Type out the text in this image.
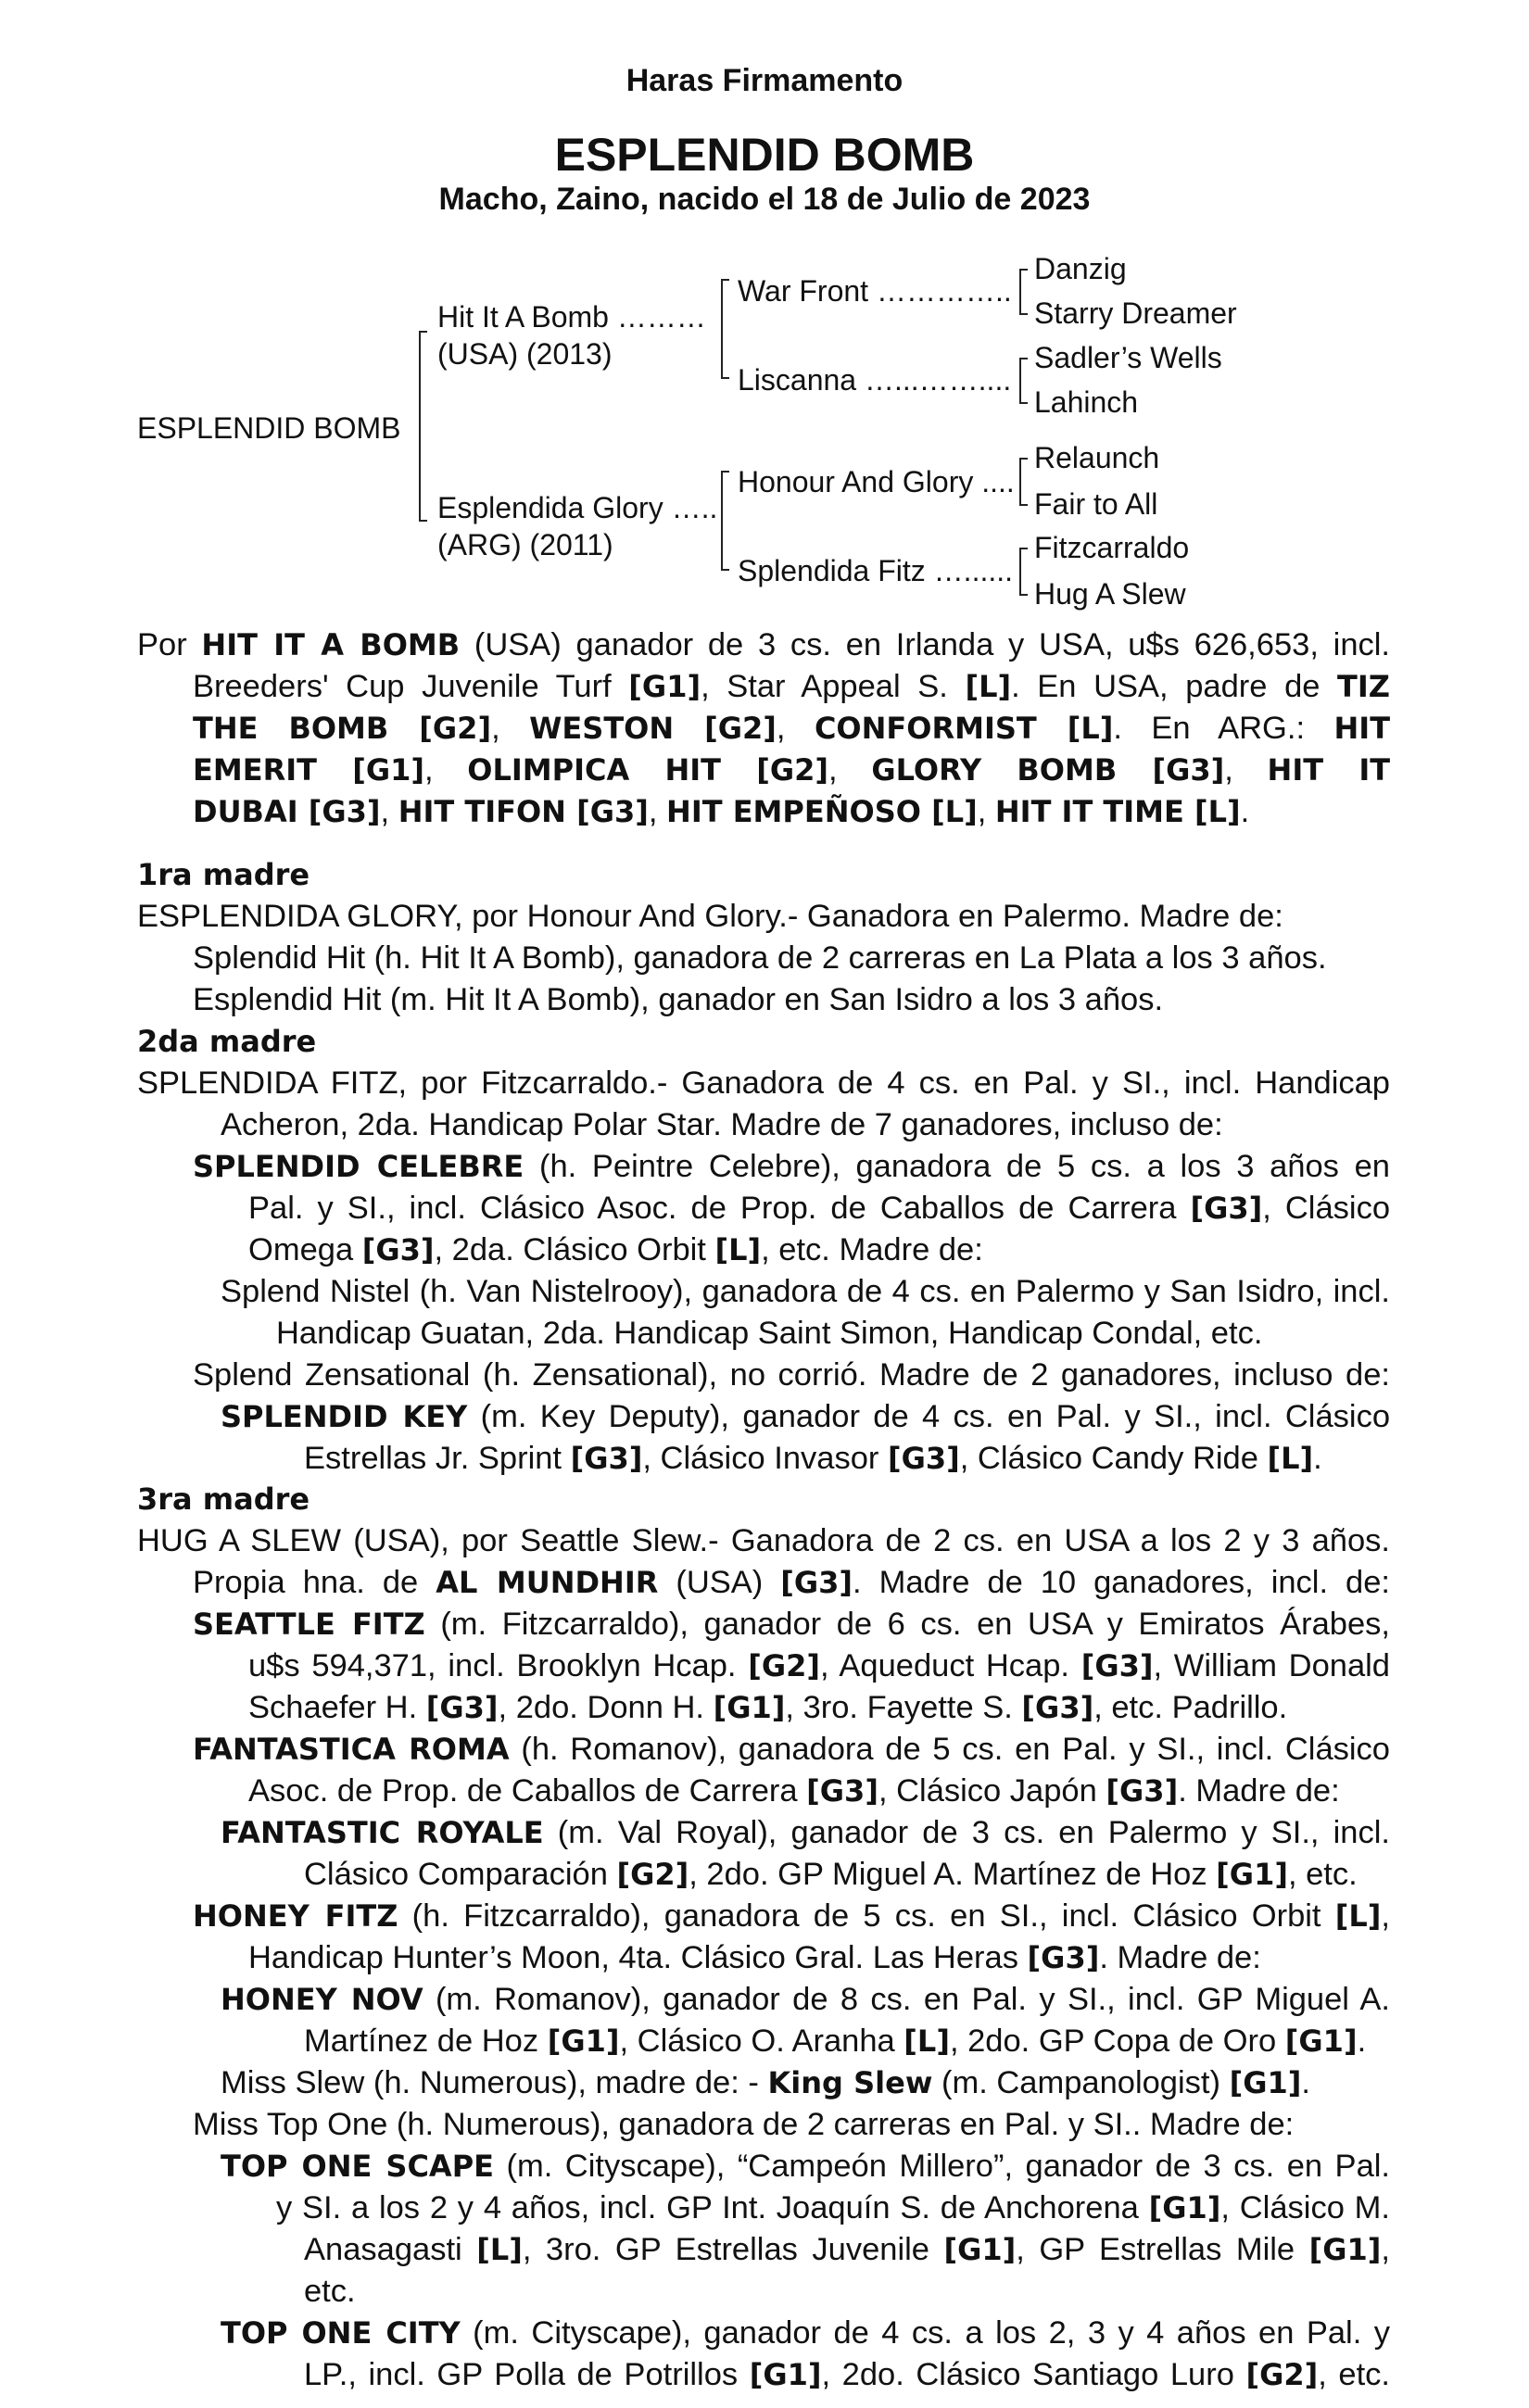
Haras Firmamento
ESPLENDID BOMB
Macho, Zaino, nacido el 18 de Julio de 2023
ESPLENDID BOMB
Hit It A Bomb ………
(USA) (2013)
Esplendida Glory …..
(ARG) (2011)
War Front …………..
Liscanna …...……....
Honour And Glory ....
Splendida Fitz …......
Danzig
Starry Dreamer
Sadler’s Wells
Lahinch
Relaunch
Fair to All
Fitzcarraldo
Hug A Slew
Por HIT IT A BOMB (USA) ganador de 3 cs. en Irlanda y USA, u$s 626,653, incl.
Breeders' Cup Juvenile Turf [G1], Star Appeal S. [L]. En USA, padre de TIZ
THE BOMB [G2], WESTON [G2], CONFORMIST [L]. En ARG.: HIT
EMERIT [G1], OLIMPICA HIT [G2], GLORY BOMB [G3], HIT IT
DUBAI [G3], HIT TIFON [G3], HIT EMPEÑOSO [L], HIT IT TIME [L].
1ra madre
ESPLENDIDA GLORY, por Honour And Glory.- Ganadora en Palermo. Madre de:
Splendid Hit (h. Hit It A Bomb), ganadora de 2 carreras en La Plata a los 3 años.
Esplendid Hit (m. Hit It A Bomb), ganador en San Isidro a los 3 años.
2da madre
SPLENDIDA FITZ, por Fitzcarraldo.- Ganadora de 4 cs. en Pal. y SI., incl. Handicap
Acheron, 2da. Handicap Polar Star. Madre de 7 ganadores, incluso de:
SPLENDID CELEBRE (h. Peintre Celebre), ganadora de 5 cs. a los 3 años en
Pal. y SI., incl. Clásico Asoc. de Prop. de Caballos de Carrera [G3], Clásico
Omega [G3], 2da. Clásico Orbit [L], etc. Madre de:
Splend Nistel (h. Van Nistelrooy), ganadora de 4 cs. en Palermo y San Isidro, incl.
Handicap Guatan, 2da. Handicap Saint Simon, Handicap Condal, etc.
Splend Zensational (h. Zensational), no corrió. Madre de 2 ganadores, incluso de:
SPLENDID KEY (m. Key Deputy), ganador de 4 cs. en Pal. y SI., incl. Clásico
Estrellas Jr. Sprint [G3], Clásico Invasor [G3], Clásico Candy Ride [L].
3ra madre
HUG A SLEW (USA), por Seattle Slew.- Ganadora de 2 cs. en USA a los 2 y 3 años.
Propia hna. de AL MUNDHIR (USA) [G3]. Madre de 10 ganadores, incl. de:
SEATTLE FITZ (m. Fitzcarraldo), ganador de 6 cs. en USA y Emiratos Árabes,
u$s 594,371, incl. Brooklyn Hcap. [G2], Aqueduct Hcap. [G3], William Donald
Schaefer H. [G3], 2do. Donn H. [G1], 3ro. Fayette S. [G3], etc. Padrillo.
FANTASTICA ROMA (h. Romanov), ganadora de 5 cs. en Pal. y SI., incl. Clásico
Asoc. de Prop. de Caballos de Carrera [G3], Clásico Japón [G3]. Madre de:
FANTASTIC ROYALE (m. Val Royal), ganador de 3 cs. en Palermo y SI., incl.
Clásico Comparación [G2], 2do. GP Miguel A. Martínez de Hoz [G1], etc.
HONEY FITZ (h. Fitzcarraldo), ganadora de 5 cs. en SI., incl. Clásico Orbit [L],
Handicap Hunter’s Moon, 4ta. Clásico Gral. Las Heras [G3]. Madre de:
HONEY NOV (m. Romanov), ganador de 8 cs. en Pal. y SI., incl. GP Miguel A.
Martínez de Hoz [G1], Clásico O. Aranha [L], 2do. GP Copa de Oro [G1].
Miss Slew (h. Numerous), madre de: - King Slew (m. Campanologist) [G1].
Miss Top One (h. Numerous), ganadora de 2 carreras en Pal. y SI.. Madre de:
TOP ONE SCAPE (m. Cityscape), “Campeón Millero”, ganador de 3 cs. en Pal.
y SI. a los 2 y 4 años, incl. GP Int. Joaquín S. de Anchorena [G1], Clásico M.
Anasagasti [L], 3ro. GP Estrellas Juvenile [G1], GP Estrellas Mile [G1], etc.
TOP ONE CITY (m. Cityscape), ganador de 4 cs. a los 2, 3 y 4 años en Pal. y
LP., incl. GP Polla de Potrillos [G1], 2do. Clásico Santiago Luro [G2], etc.
